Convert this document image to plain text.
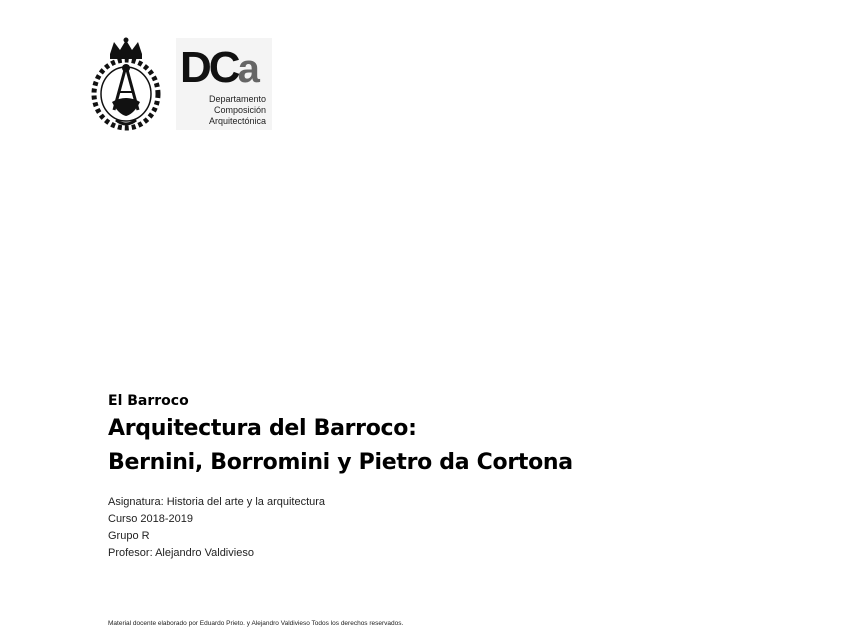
DCa
Departamento
Composición
Arquitectónica
El Barroco
Arquitectura del Barroco:
Bernini, Borromini y Pietro da Cortona
Asignatura: Historia del arte y la arquitectura
Curso 2018-2019
Grupo R
Profesor: Alejandro Valdivieso
Material docente elaborado por Eduardo Prieto. y Alejandro Valdivieso Todos los derechos reservados.
